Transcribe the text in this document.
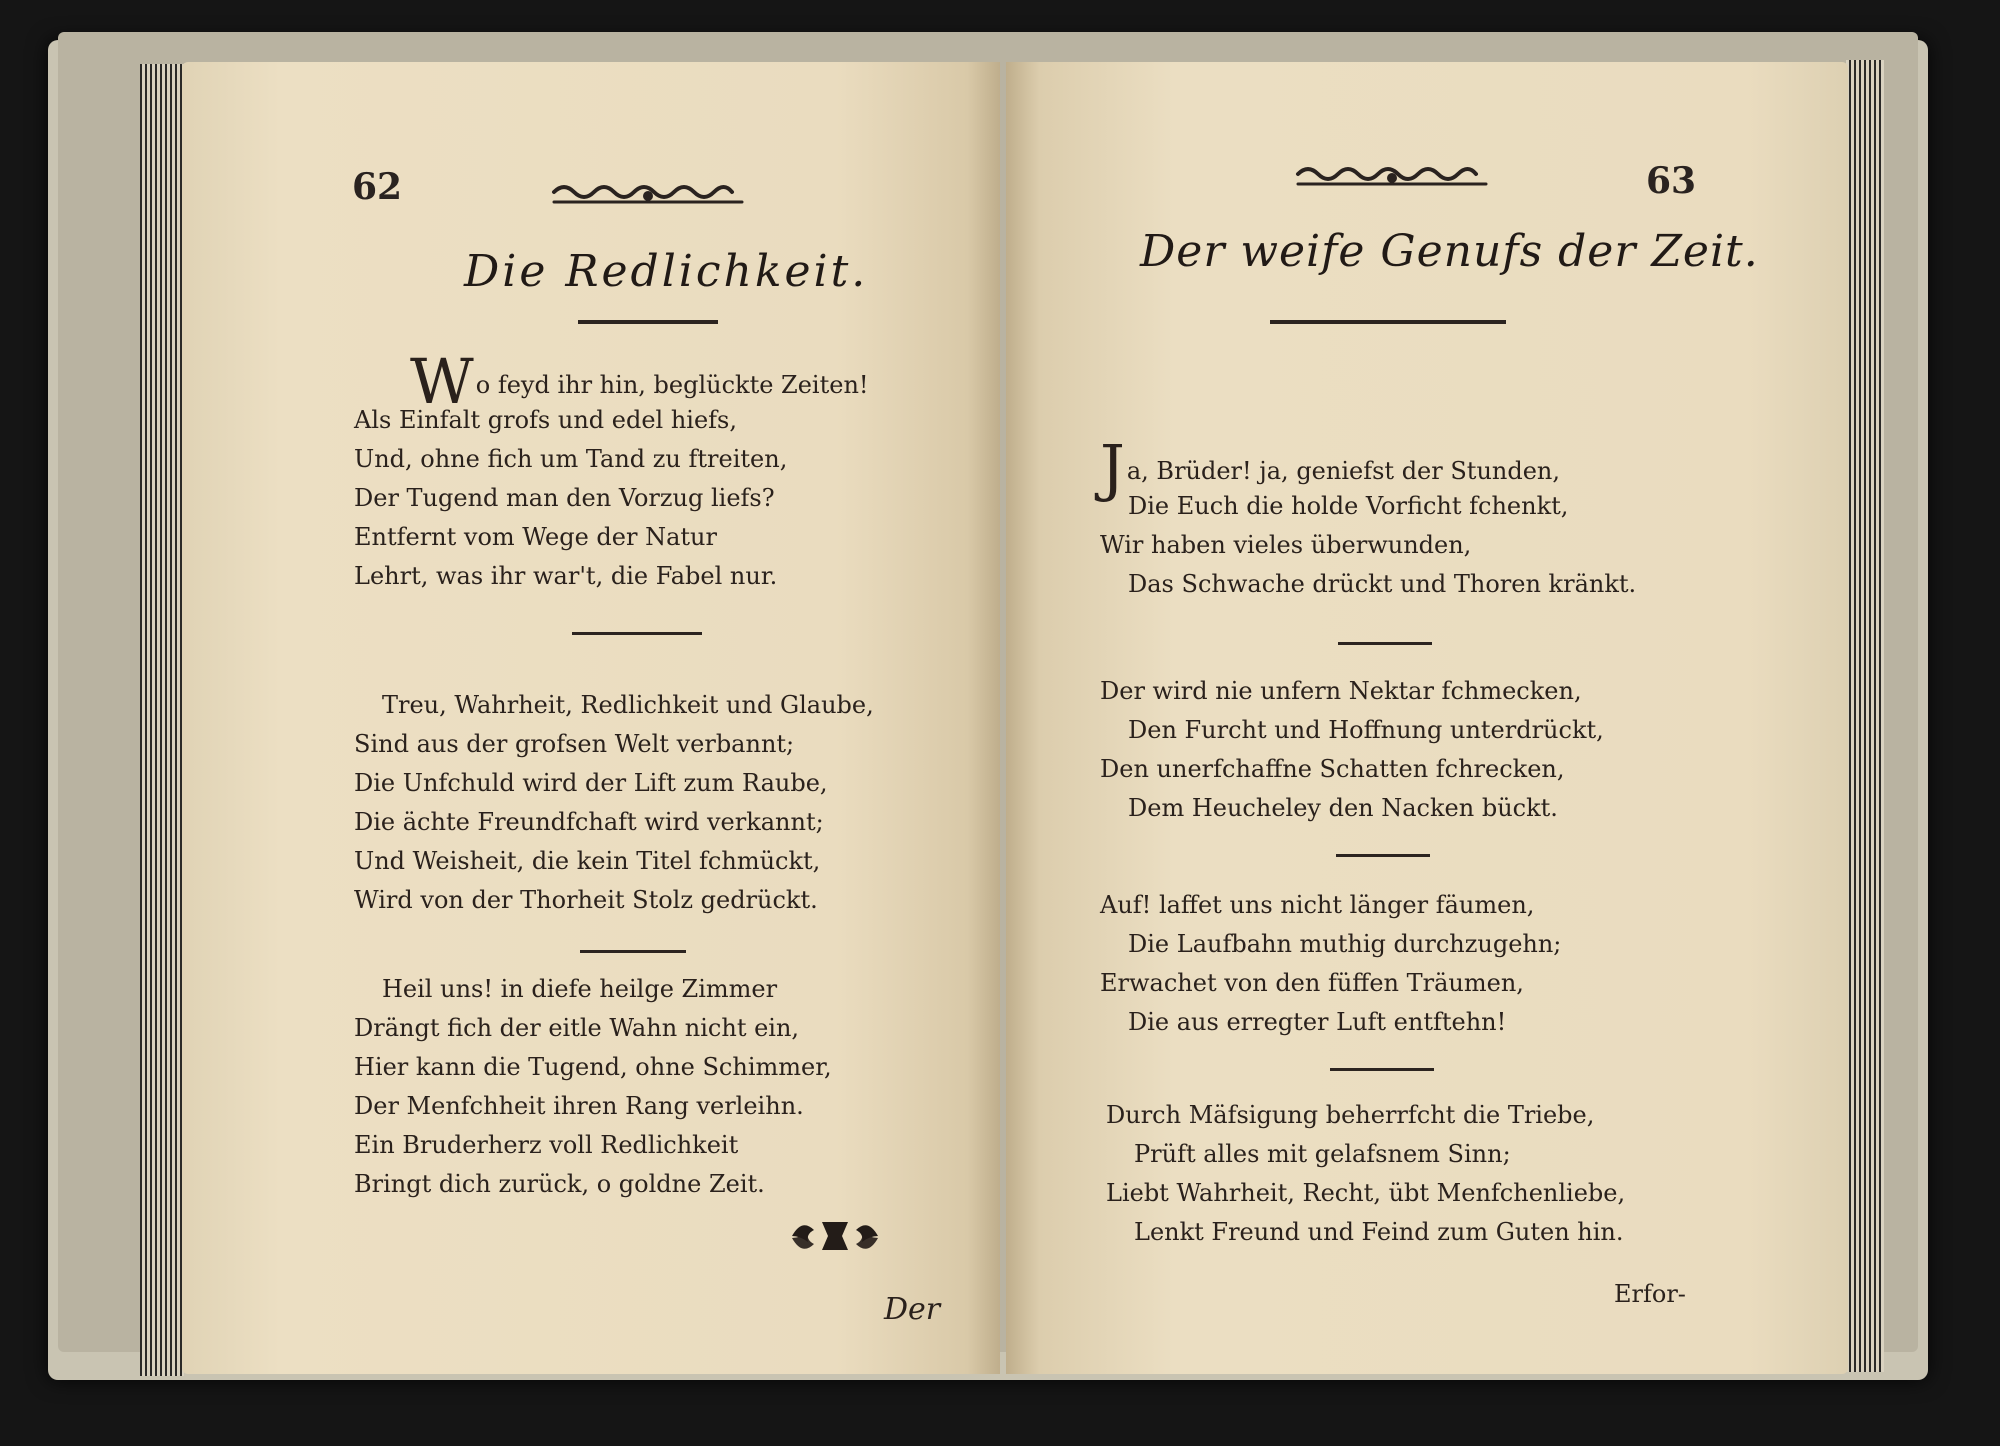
62
Die Redlichkeit.
Wo feyd ihr hin, beglückte Zeiten!
Als Einfalt grofs und edel hiefs,
Und, ohne fich um Tand zu ftreiten,
Der Tugend man den Vorzug liefs?
Entfernt vom Wege der Natur
Lehrt, was ihr war't, die Fabel nur.
Treu, Wahrheit, Redlichkeit und Glaube,
Sind aus der grofsen Welt verbannt;
Die Unfchuld wird der Lift zum Raube,
Die ächte Freundfchaft wird verkannt;
Und Weisheit, die kein Titel fchmückt,
Wird von der Thorheit Stolz gedrückt.
Heil uns! in diefe heilge Zimmer
Drängt fich der eitle Wahn nicht ein,
Hier kann die Tugend, ohne Schimmer,
Der Menfchheit ihren Rang verleihn.
Ein Bruderherz voll Redlichkeit
Bringt dich zurück, o goldne Zeit.
Der
63
Der weife Genufs der Zeit.
Ja, Brüder! ja, geniefst der Stunden,
Die Euch die holde Vorficht fchenkt,
Wir haben vieles überwunden,
Das Schwache drückt und Thoren kränkt.
Der wird nie unfern Nektar fchmecken,
Den Furcht und Hoffnung unterdrückt,
Den unerfchaffne Schatten fchrecken,
Dem Heucheley den Nacken bückt.
Auf! laffet uns nicht länger fäumen,
Die Laufbahn muthig durchzugehn;
Erwachet von den füffen Träumen,
Die aus erregter Luft entftehn!
Durch Mäfsigung beherrfcht die Triebe,
Prüft alles mit gelafsnem Sinn;
Liebt Wahrheit, Recht, übt Menfchenliebe,
Lenkt Freund und Feind zum Guten hin.
Erfor-
